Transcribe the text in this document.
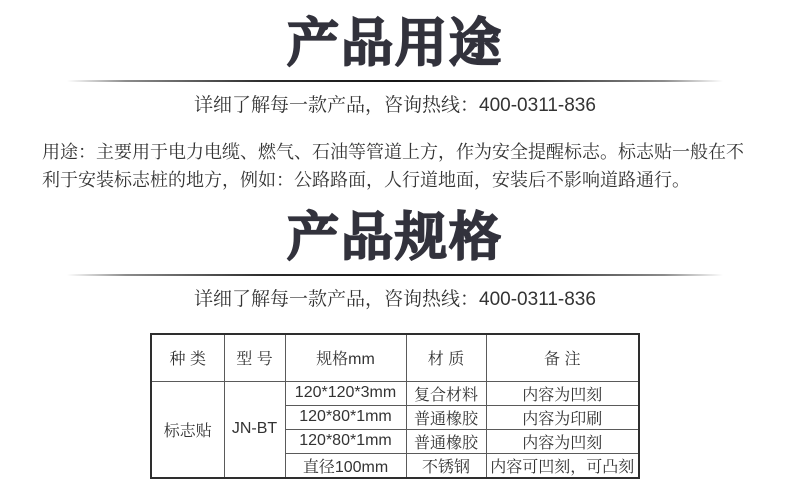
产品用途

详细了解每一款产品，咨询热线：400-0311-836

用途：主要用于电力电缆、燃气、石油等管道上方，作为安全提醒标志。标志贴一般在不利于安装标志桩的地方，例如：公路路面，人行道地面，安装后不影响道路通行。

产品规格

详细了解每一款产品，咨询热线：400-0311-836

种 类	型 号	规格mm	材 质	备 注
标志贴	JN-BT	120*120*3mm	复合材料	内容为凹刻
		120*80*1mm	普通橡胶	内容为印刷
		120*80*1mm	普通橡胶	内容为凹刻
		直径100mm	不锈钢	内容可凹刻，可凸刻
